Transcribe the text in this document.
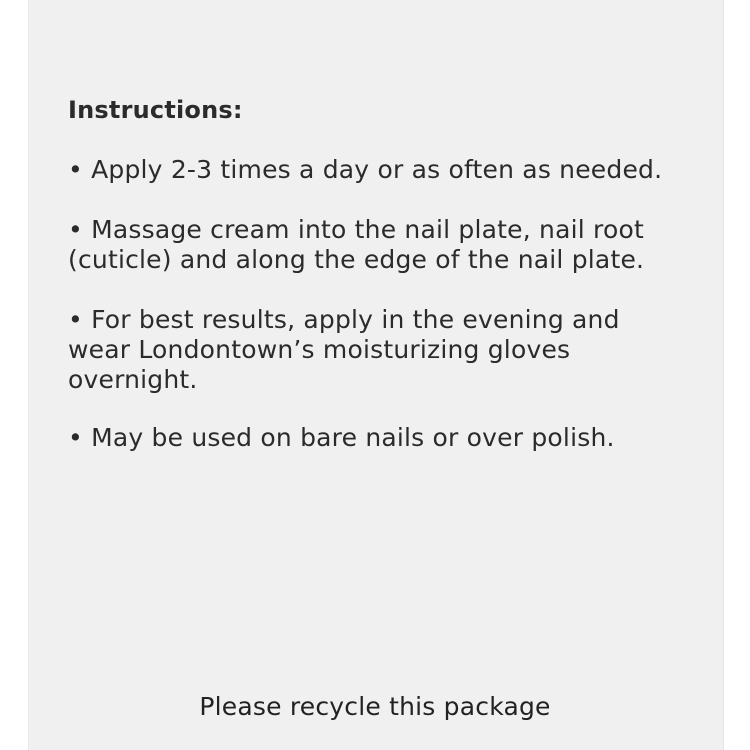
Instructions:
• Apply 2-3 times a day or as often as needed.
• Massage cream into the nail plate, nail root
(cuticle) and along the edge of the nail plate.
• For best results, apply in the evening and
wear Londontown’s moisturizing gloves
overnight.
• May be used on bare nails or over polish.
Please recycle this package
